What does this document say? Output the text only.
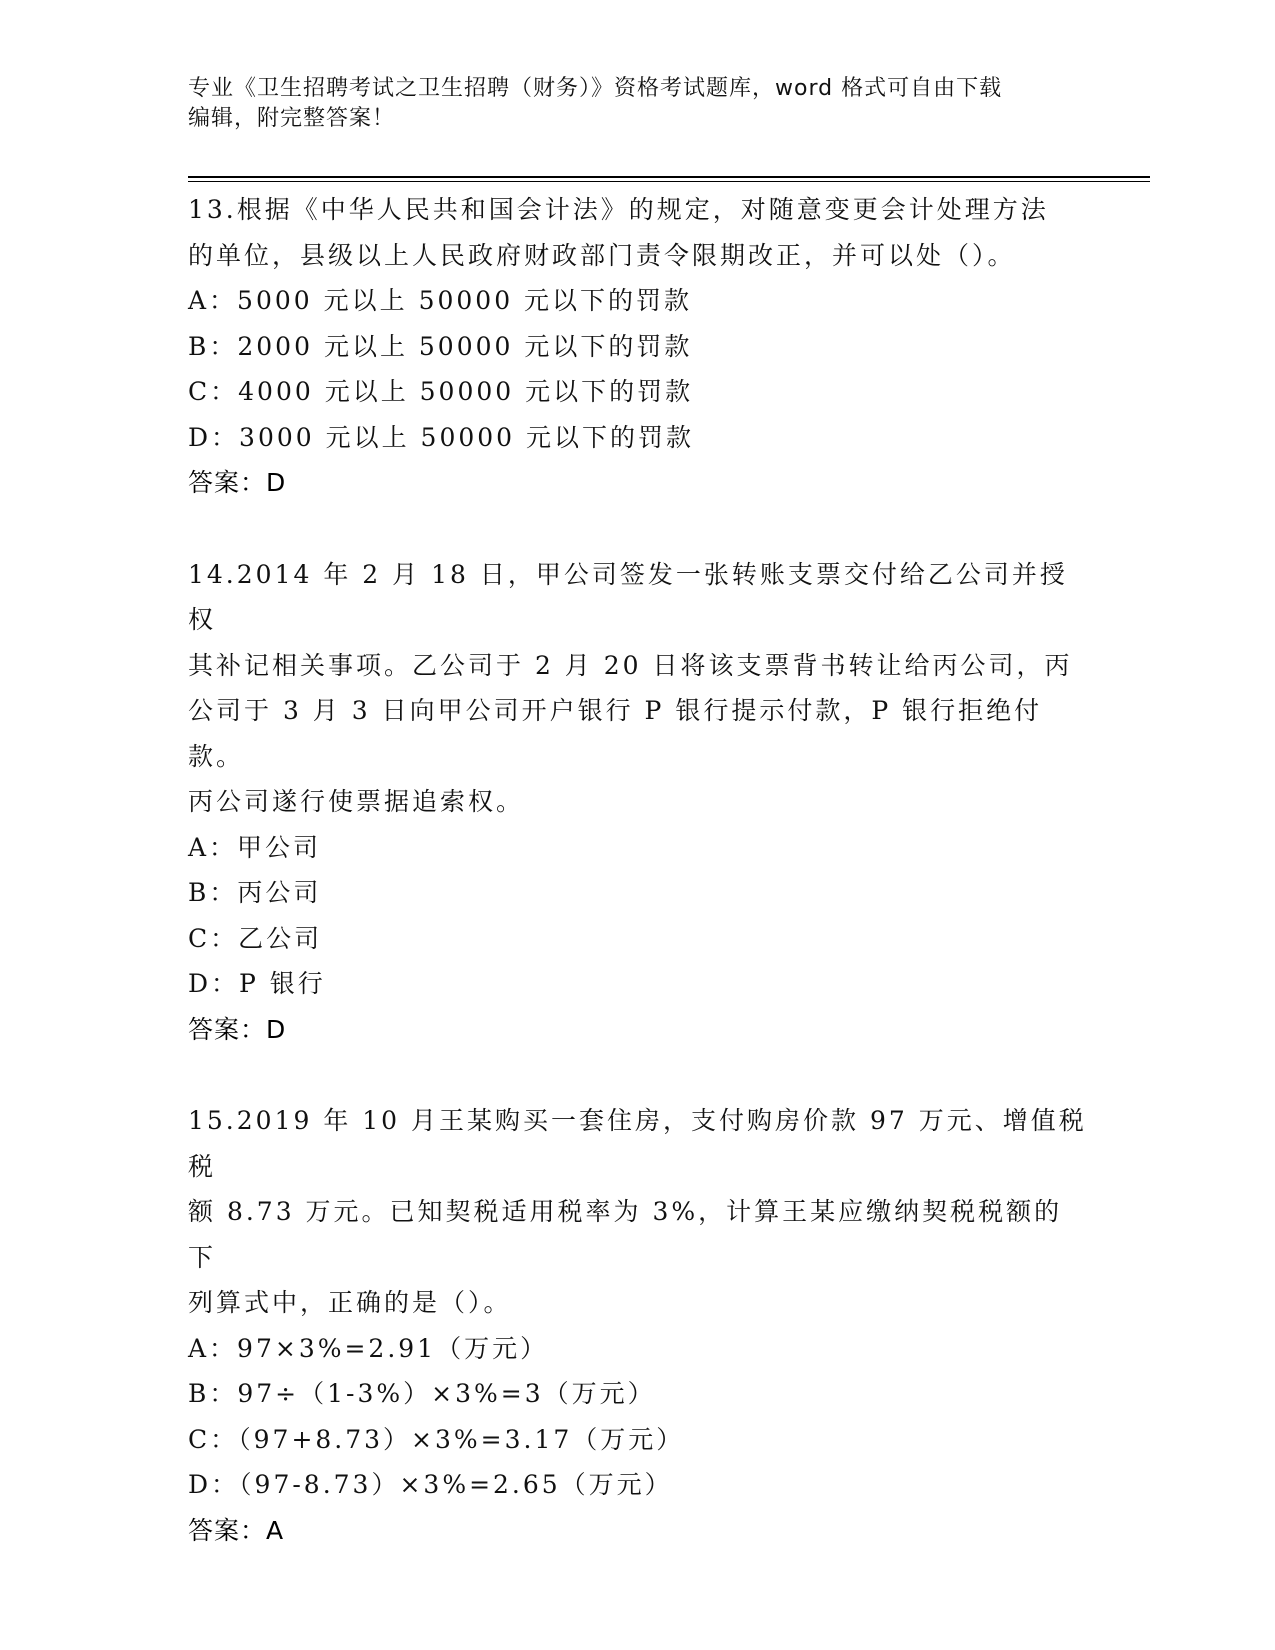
专业《卫生招聘考试之卫生招聘（财务）》资格考试题库，word 格式可自由下载
编辑，附完整答案！
13.根据《中华人民共和国会计法》的规定，对随意变更会计处理方法
的单位，县级以上人民政府财政部门责令限期改正，并可以处（）。
A：5000 元以上 50000 元以下的罚款
B：2000 元以上 50000 元以下的罚款
C：4000 元以上 50000 元以下的罚款
D：3000 元以上 50000 元以下的罚款
答案：D
14.2014 年 2 月 18 日，甲公司签发一张转账支票交付给乙公司并授权
其补记相关事项。乙公司于 2 月 20 日将该支票背书转让给丙公司，丙
公司于 3 月 3 日向甲公司开户银行 P 银行提示付款，P 银行拒绝付款。
丙公司遂行使票据追索权。
A：甲公司
B：丙公司
C：乙公司
D：P 银行
答案：D
15.2019 年 10 月王某购买一套住房，支付购房价款 97 万元、增值税税
额 8.73 万元。已知契税适用税率为 3%，计算王某应缴纳契税税额的下
列算式中，正确的是（）。
A：97×3%=2.91（万元）
B：97÷（1-3%）×3%=3（万元）
C：（97+8.73）×3%=3.17（万元）
D：（97-8.73）×3%=2.65（万元）
答案：A
